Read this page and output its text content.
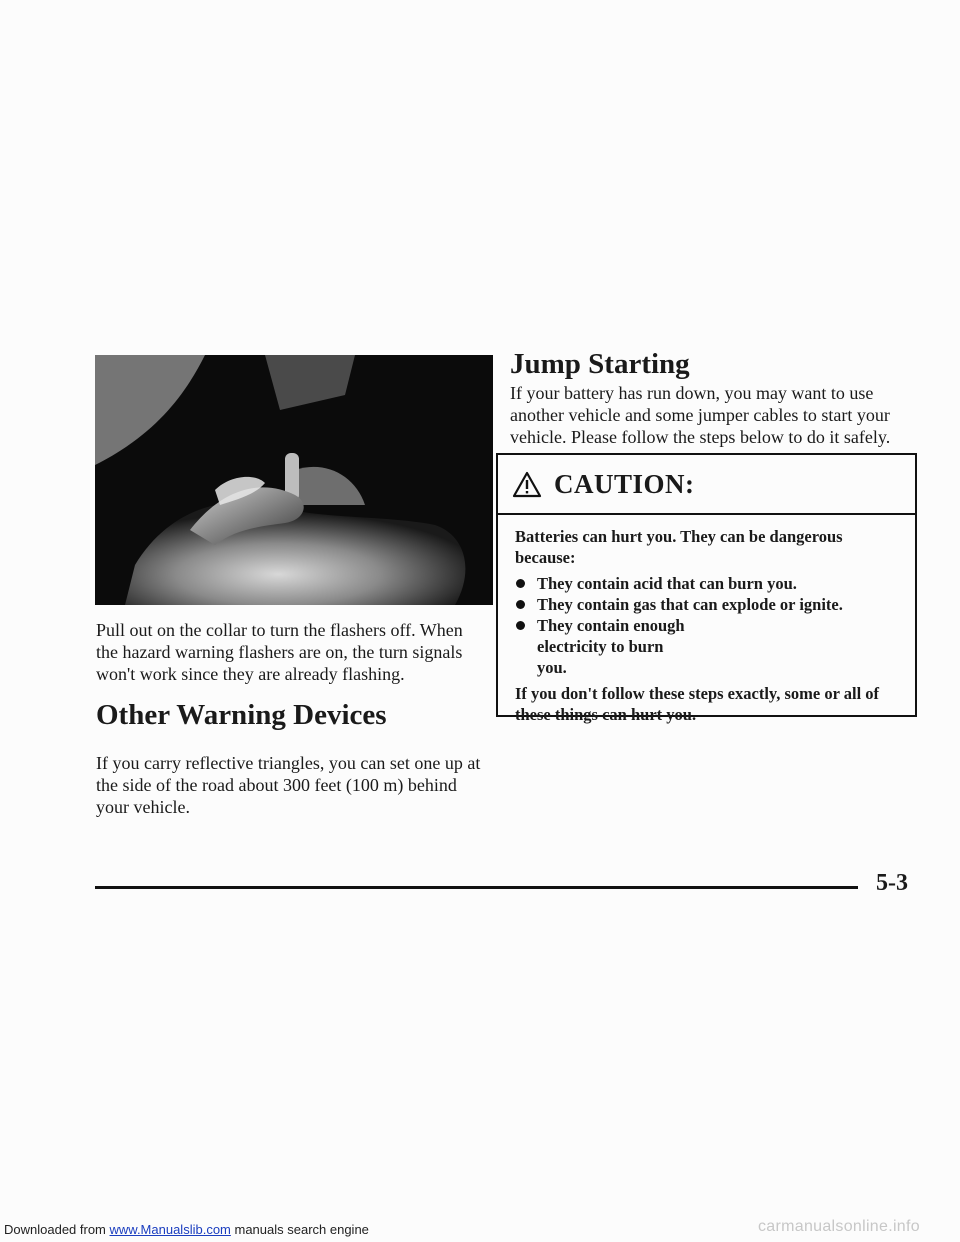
Pull out on the collar to turn the flashers off. When the hazard warning flashers are on, the turn signals won't work since they are already flashing.

Other Warning Devices

If you carry reflective triangles, you can set one up at the side of the road about 300 feet (100 m) behind your vehicle.

Jump Starting

If your battery has run down, you may want to use another vehicle and some jumper cables to start your vehicle. Please follow the steps below to do it safely.

CAUTION:

Batteries can hurt you. They can be dangerous because:

They contain acid that can burn you.
They contain gas that can explode or ignite.
They contain enough electricity to burn you.

If you don't follow these steps exactly, some or all of these things can hurt you.

5-3

Downloaded from www.Manualslib.com manuals search engine	carmanualsonline.info
